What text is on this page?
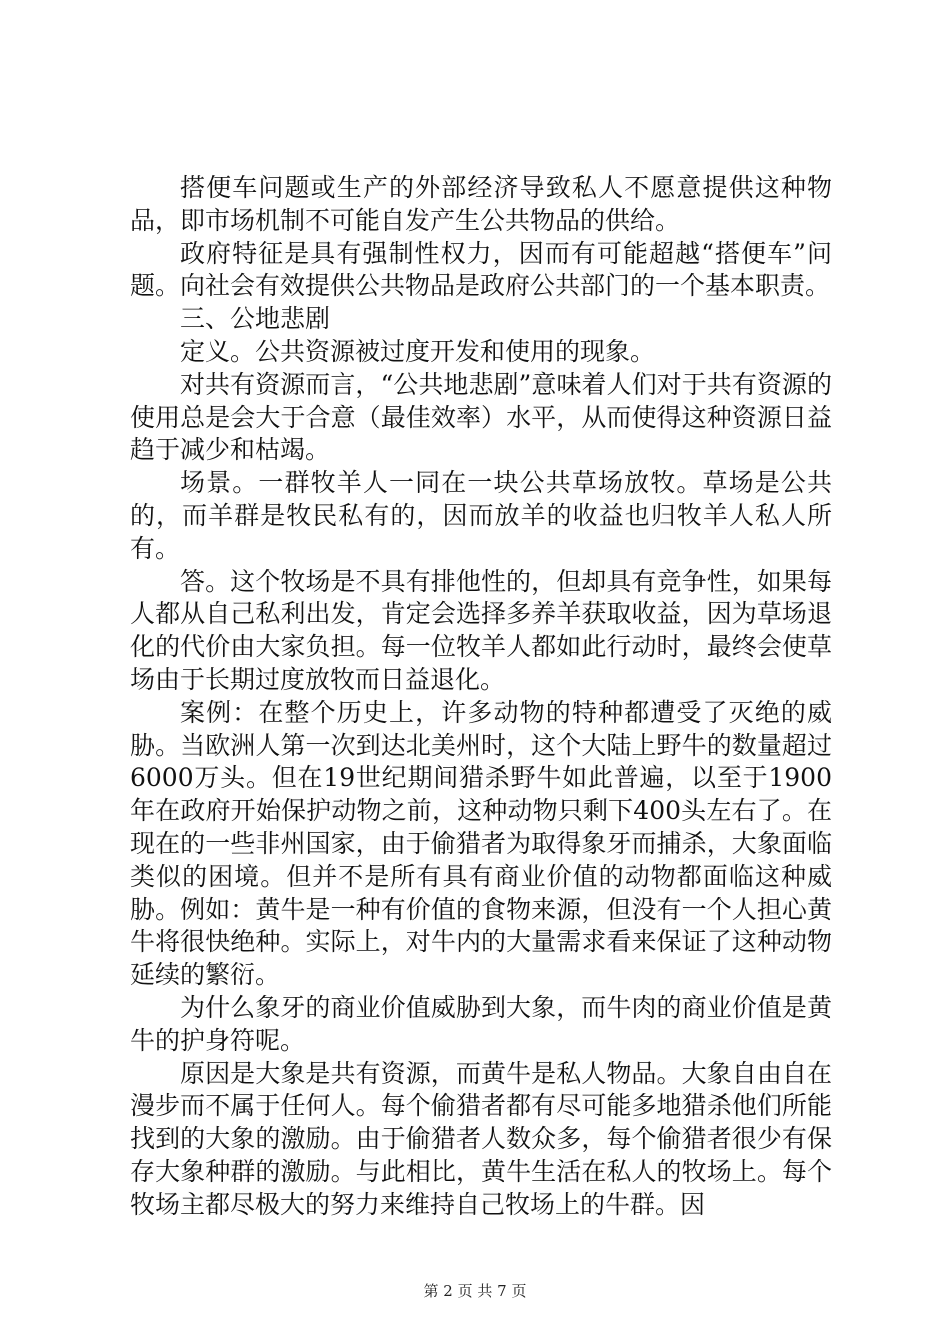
搭便车问题或生产的外部经济导致私人不愿意提供这种物品，即市场机制不可能自发产生公共物品的供给。

政府特征是具有强制性权力，因而有可能超越“搭便车”问题。向社会有效提供公共物品是政府公共部门的一个基本职责。

三、公地悲剧

定义。公共资源被过度开发和使用的现象。

对共有资源而言，“公共地悲剧”意味着人们对于共有资源的使用总是会大于合意（最佳效率）水平，从而使得这种资源日益趋于减少和枯竭。

场景。一群牧羊人一同在一块公共草场放牧。草场是公共的，而羊群是牧民私有的，因而放羊的收益也归牧羊人私人所有。

答。这个牧场是不具有排他性的，但却具有竞争性，如果每人都从自己私利出发，肯定会选择多养羊获取收益，因为草场退化的代价由大家负担。每一位牧羊人都如此行动时，最终会使草场由于长期过度放牧而日益退化。

案例：在整个历史上，许多动物的特种都遭受了灭绝的威胁。当欧洲人第一次到达北美州时，这个大陆上野牛的数量超过6000万头。但在19世纪期间猎杀野牛如此普遍，以至于1900年在政府开始保护动物之前，这种动物只剩下400头左右了。在现在的一些非州国家，由于偷猎者为取得象牙而捕杀，大象面临类似的困境。但并不是所有具有商业价值的动物都面临这种威胁。例如：黄牛是一种有价值的食物来源，但没有一个人担心黄牛将很快绝种。实际上，对牛内的大量需求看来保证了这种动物延续的繁衍。

为什么象牙的商业价值威胁到大象，而牛肉的商业价值是黄牛的护身符呢。

原因是大象是共有资源，而黄牛是私人物品。大象自由自在漫步而不属于任何人。每个偷猎者都有尽可能多地猎杀他们所能找到的大象的激励。由于偷猎者人数众多，每个偷猎者很少有保存大象种群的激励。与此相比，黄牛生活在私人的牧场上。每个牧场主都尽极大的努力来维持自己牧场上的牛群。因

第 2 页 共 7 页
